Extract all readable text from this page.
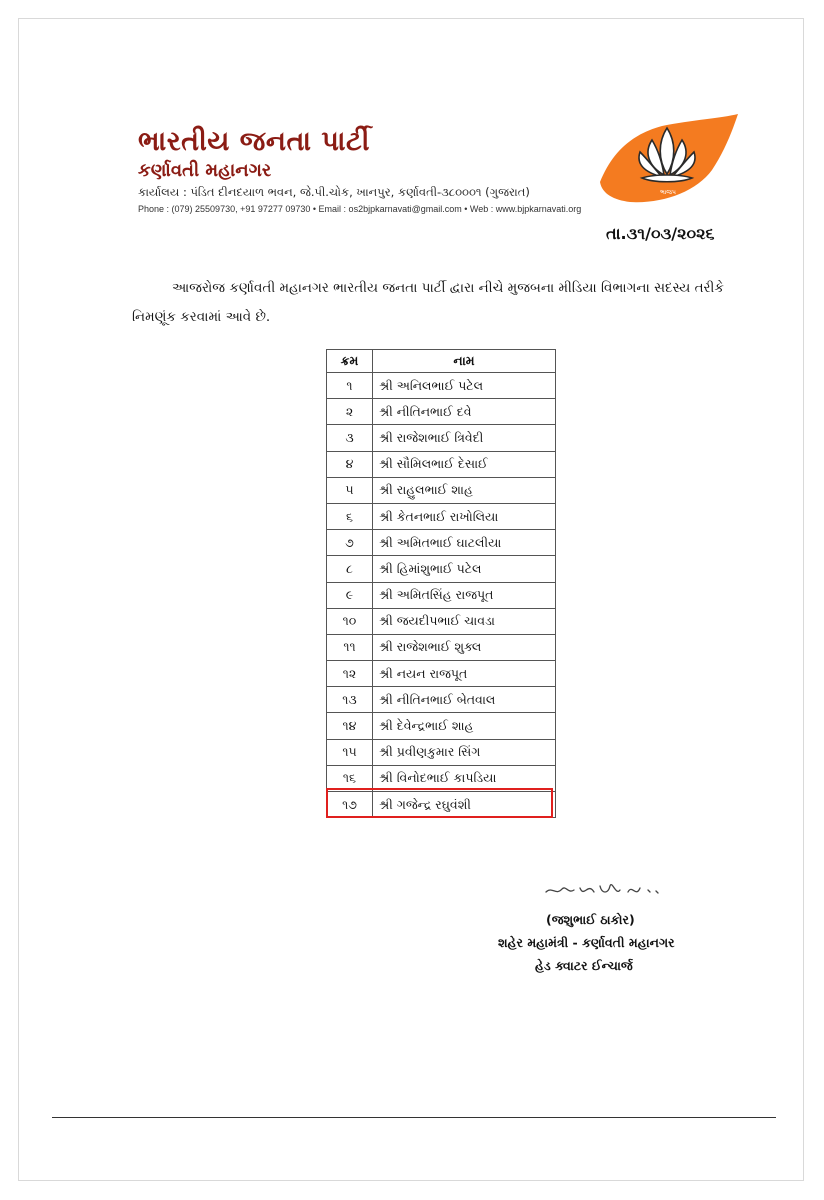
ભારતીય જનતા પાર્ટી
કર્ણાવતી મહાનગર
કાર્યાલય : પંડિત દીનદયાળ ભવન, જે.પી.ચોક, ખાનપુર, કર્ણાવતી-૩૮૦૦૦૧ (ગુજરાત)
Phone : (079) 25509730, +91 97277 09730 • Email : os2bjpkarnavati@gmail.com • Web : www.bjpkarnavati.org
ભાજપ
તા.૩૧/૦૩/૨૦૨૬
આજરોજ કર્ણાવતી મહાનગર ભારતીય જનતા પાર્ટી દ્વારા નીચે મુજબના મીડિયા વિભાગના સદસ્ય તરીકે નિમણૂંક કરવામાં આવે છે.
ક્રમ	નામ
૧	શ્રી અનિલભાઈ પટેલ
૨	શ્રી નીતિનભાઈ દવે
૩	શ્રી રાજેશભાઈ ત્રિવેદી
૪	શ્રી સૌમિલભાઈ દેસાઈ
૫	શ્રી રાહુલભાઈ શાહ
૬	શ્રી કેતનભાઈ રાખોલિયા
૭	શ્રી અમિતભાઈ ઘાટલીયા
૮	શ્રી હિમાંશુભાઈ પટેલ
૯	શ્રી અમિતસિંહ રાજપૂત
૧૦	શ્રી જયદીપભાઈ ચાવડા
૧૧	શ્રી રાજેશભાઈ શુક્લ
૧૨	શ્રી નયન રાજપૂત
૧૩	શ્રી નીતિનભાઈ બેતવાલ
૧૪	શ્રી દેવેન્દ્રભાઈ શાહ
૧૫	શ્રી પ્રવીણકુમાર સિંગ
૧૬	શ્રી વિનોદભાઈ કાપડિયા
૧૭	શ્રી ગજેન્દ્ર રઘુવંશી
(જશુભાઈ ઠાકોર)
શહેર મહામંત્રી - કર્ણાવતી મહાનગર
હેડ ક્વાટર ઈન્ચાર્જ
